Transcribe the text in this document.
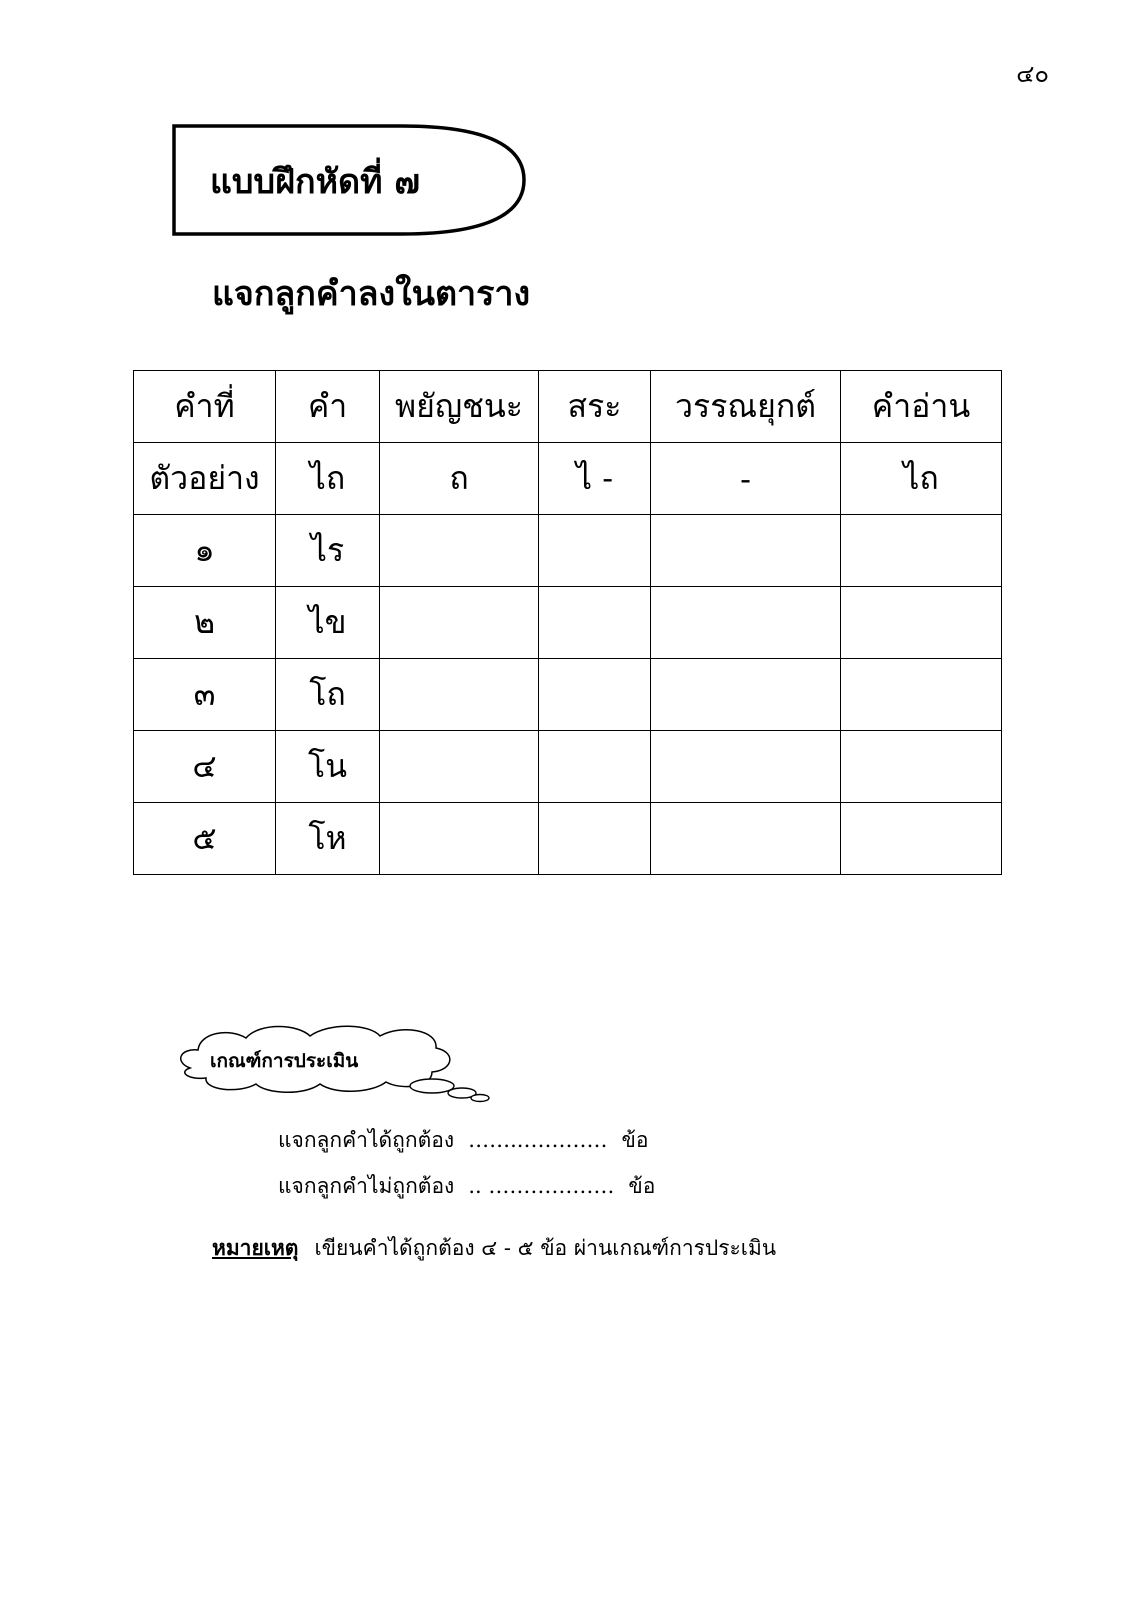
๔๐
แบบฝึกหัดที่ ๗
แจกลูกคำลงในตาราง
คำที่	คำ	พยัญชนะ	สระ	วรรณยุกต์	คำอ่าน
ตัวอย่าง	ไถ	ถ	ไ -	-	ไถ
๑	ไร				
๒	ไข				
๓	โถ				
๔	โน				
๕	โห				
เกณฑ์การประเมิน
แจกลูกคำได้ถูกต้อง ……..………… ข้อ
แจกลูกคำไม่ถูกต้อง .. ……………… ข้อ
หมายเหตุ เขียนคำได้ถูกต้อง ๔ - ๕ ข้อ ผ่านเกณฑ์การประเมิน
